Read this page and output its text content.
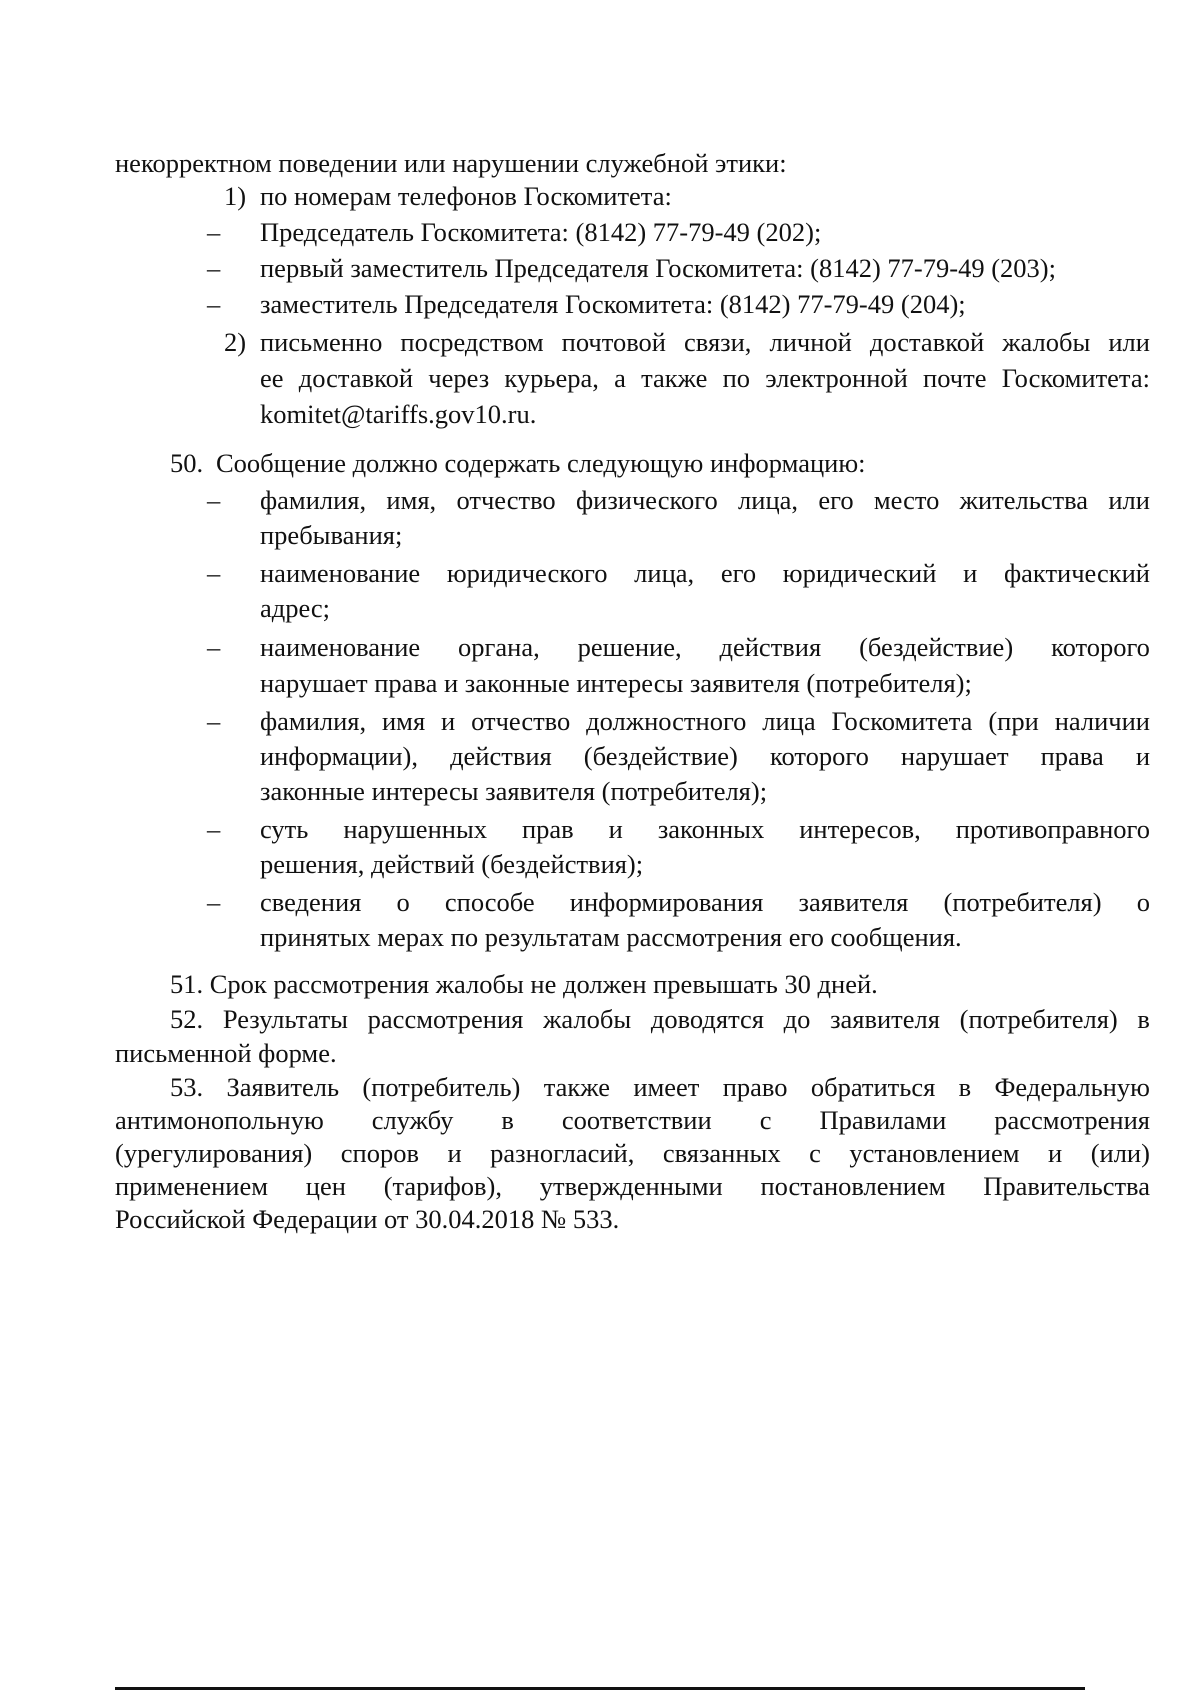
некорректном поведении или нарушении служебной этики:
1) по номерам телефонов Госкомитета:
– Председатель Госкомитета: (8142) 77-79-49 (202);
– первый заместитель Председателя Госкомитета: (8142) 77-79-49 (203);
– заместитель Председателя Госкомитета: (8142) 77-79-49 (204);
2) письменно посредством почтовой связи, личной доставкой жалобы или
ее доставкой через курьера, а также по электронной почте Госкомитета:
komitet@tariffs.gov10.ru.
50. Сообщение должно содержать следующую информацию:
– фамилия, имя, отчество физического лица, его место жительства или
пребывания;
– наименование юридического лица, его юридический и фактический
адрес;
– наименование органа, решение, действия (бездействие) которого
нарушает права и законные интересы заявителя (потребителя);
– фамилия, имя и отчество должностного лица Госкомитета (при наличии
информации), действия (бездействие) которого нарушает права и
законные интересы заявителя (потребителя);
– суть нарушенных прав и законных интересов, противоправного
решения, действий (бездействия);
– сведения о способе информирования заявителя (потребителя) о
принятых мерах по результатам рассмотрения его сообщения.
51. Срок рассмотрения жалобы не должен превышать 30 дней.
52. Результаты рассмотрения жалобы доводятся до заявителя (потребителя) в
письменной форме.
53. Заявитель (потребитель) также имеет право обратиться в Федеральную
антимонопольную службу в соответствии с Правилами рассмотрения
(урегулирования) споров и разногласий, связанных с установлением и (или)
применением цен (тарифов), утвержденными постановлением Правительства
Российской Федерации от 30.04.2018 № 533.
